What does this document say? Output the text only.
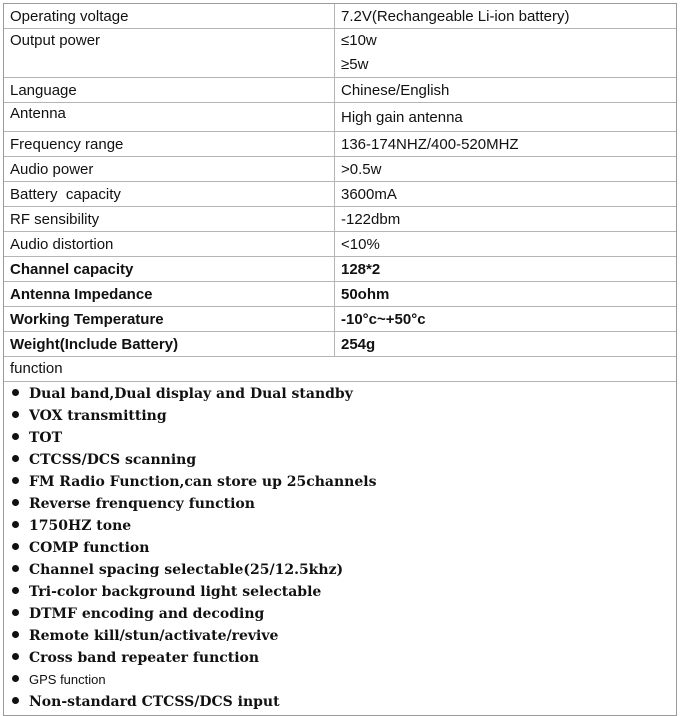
Operating voltage	7.2V(Rechangeable Li-ion battery)
Output power	≤10w
≥5w

Language	Chinese/English
Antenna	High gain antenna
Frequency range	136-174NHZ/400-520MHZ
Audio power	>0.5w
Battery  capacity	3600mA
RF sensibility	-122dbm
Audio distortion	<10%
Channel capacity	128*2
Antenna Impedance	50ohm
Working Temperature	-10°c~+50°c
Weight(Include Battery)	254g
function
Dual band,Dual display and Dual standby
VOX transmitting
TOT
CTCSS/DCS scanning
FM Radio Function,can store up 25channels
Reverse frenquency function
1750HZ tone
COMP function
Channel spacing selectable(25/12.5khz)
Tri-color background light selectable
DTMF encoding and decoding
Remote kill/stun/activate/revive
Cross band repeater function
GPS function
Non-standard CTCSS/DCS input
